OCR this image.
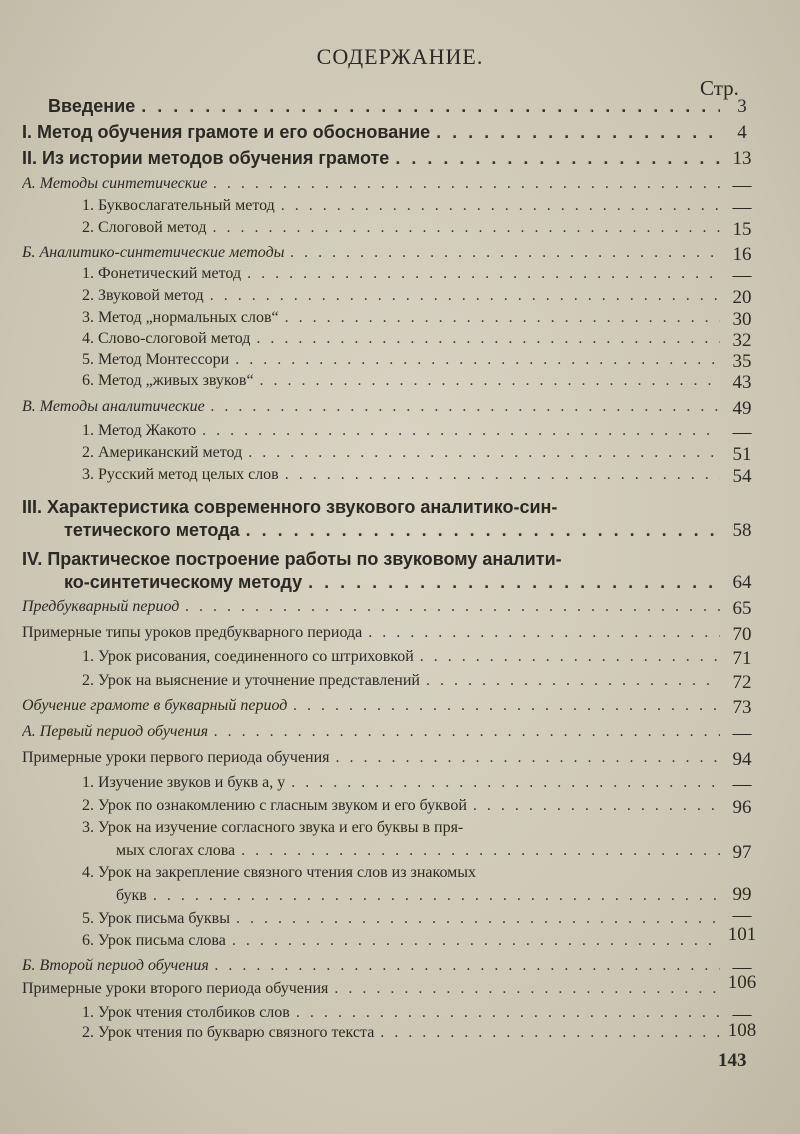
СОДЕРЖАНИЕ.
Стр.
143
Введение . . .	3
I. Метод обучения грамоте и его обоснование . . .	4
II. Из истории методов обучения грамоте . . .	13
А. Методы синтетические . . .	—
1. Буквослагательный метод . . .	—
2. Слоговой метод . . .	15
Б. Аналитико-синтетические методы . . .	16
1. Фонетический метод . . .	—
2. Звуковой метод . . .	20
3. Метод „нормальных слов“ . . .	30
4. Слово-слоговой метод . . .	32
5. Метод Монтессори . . .	35
6. Метод „живых звуков“ . . .	43
В. Методы аналитические . . .	49
1. Метод Жакото . . .	—
2. Американский метод . . .	51
3. Русский метод целых слов . . .	54
III. Характеристика современного звукового аналитико-син-
тетического метода . . .	58
IV. Практическое построение работы по звуковому аналити-
ко-синтетическому методу . . .	64
Предбукварный период . . .	65
Примерные типы уроков предбукварного периода . . .	70
1. Урок рисования, соединенного со штриховкой . . .	71
2. Урок на выяснение и уточнение представлений . . .	72
Обучение грамоте в букварный период . . .	73
А. Первый период обучения . . .	—
Примерные уроки первого периода обучения . . .	94
1. Изучение звуков и букв а, у . . .	—
2. Урок по ознакомлению с гласным звуком и его буквой . . .	96
3. Урок на изучение согласного звука и его буквы в пря-
мых слогах слова . . .	97
4. Урок на закрепление связного чтения слов из знакомых
букв . . .	99
5. Урок письма буквы . . .	—
6. Урок письма слова . . .	101
Б. Второй период обучения . . .	—
Примерные уроки второго периода обучения . . .	106
1. Урок чтения столбиков слов . . .	—
2. Урок чтения по букварю связного текста . . .	108
